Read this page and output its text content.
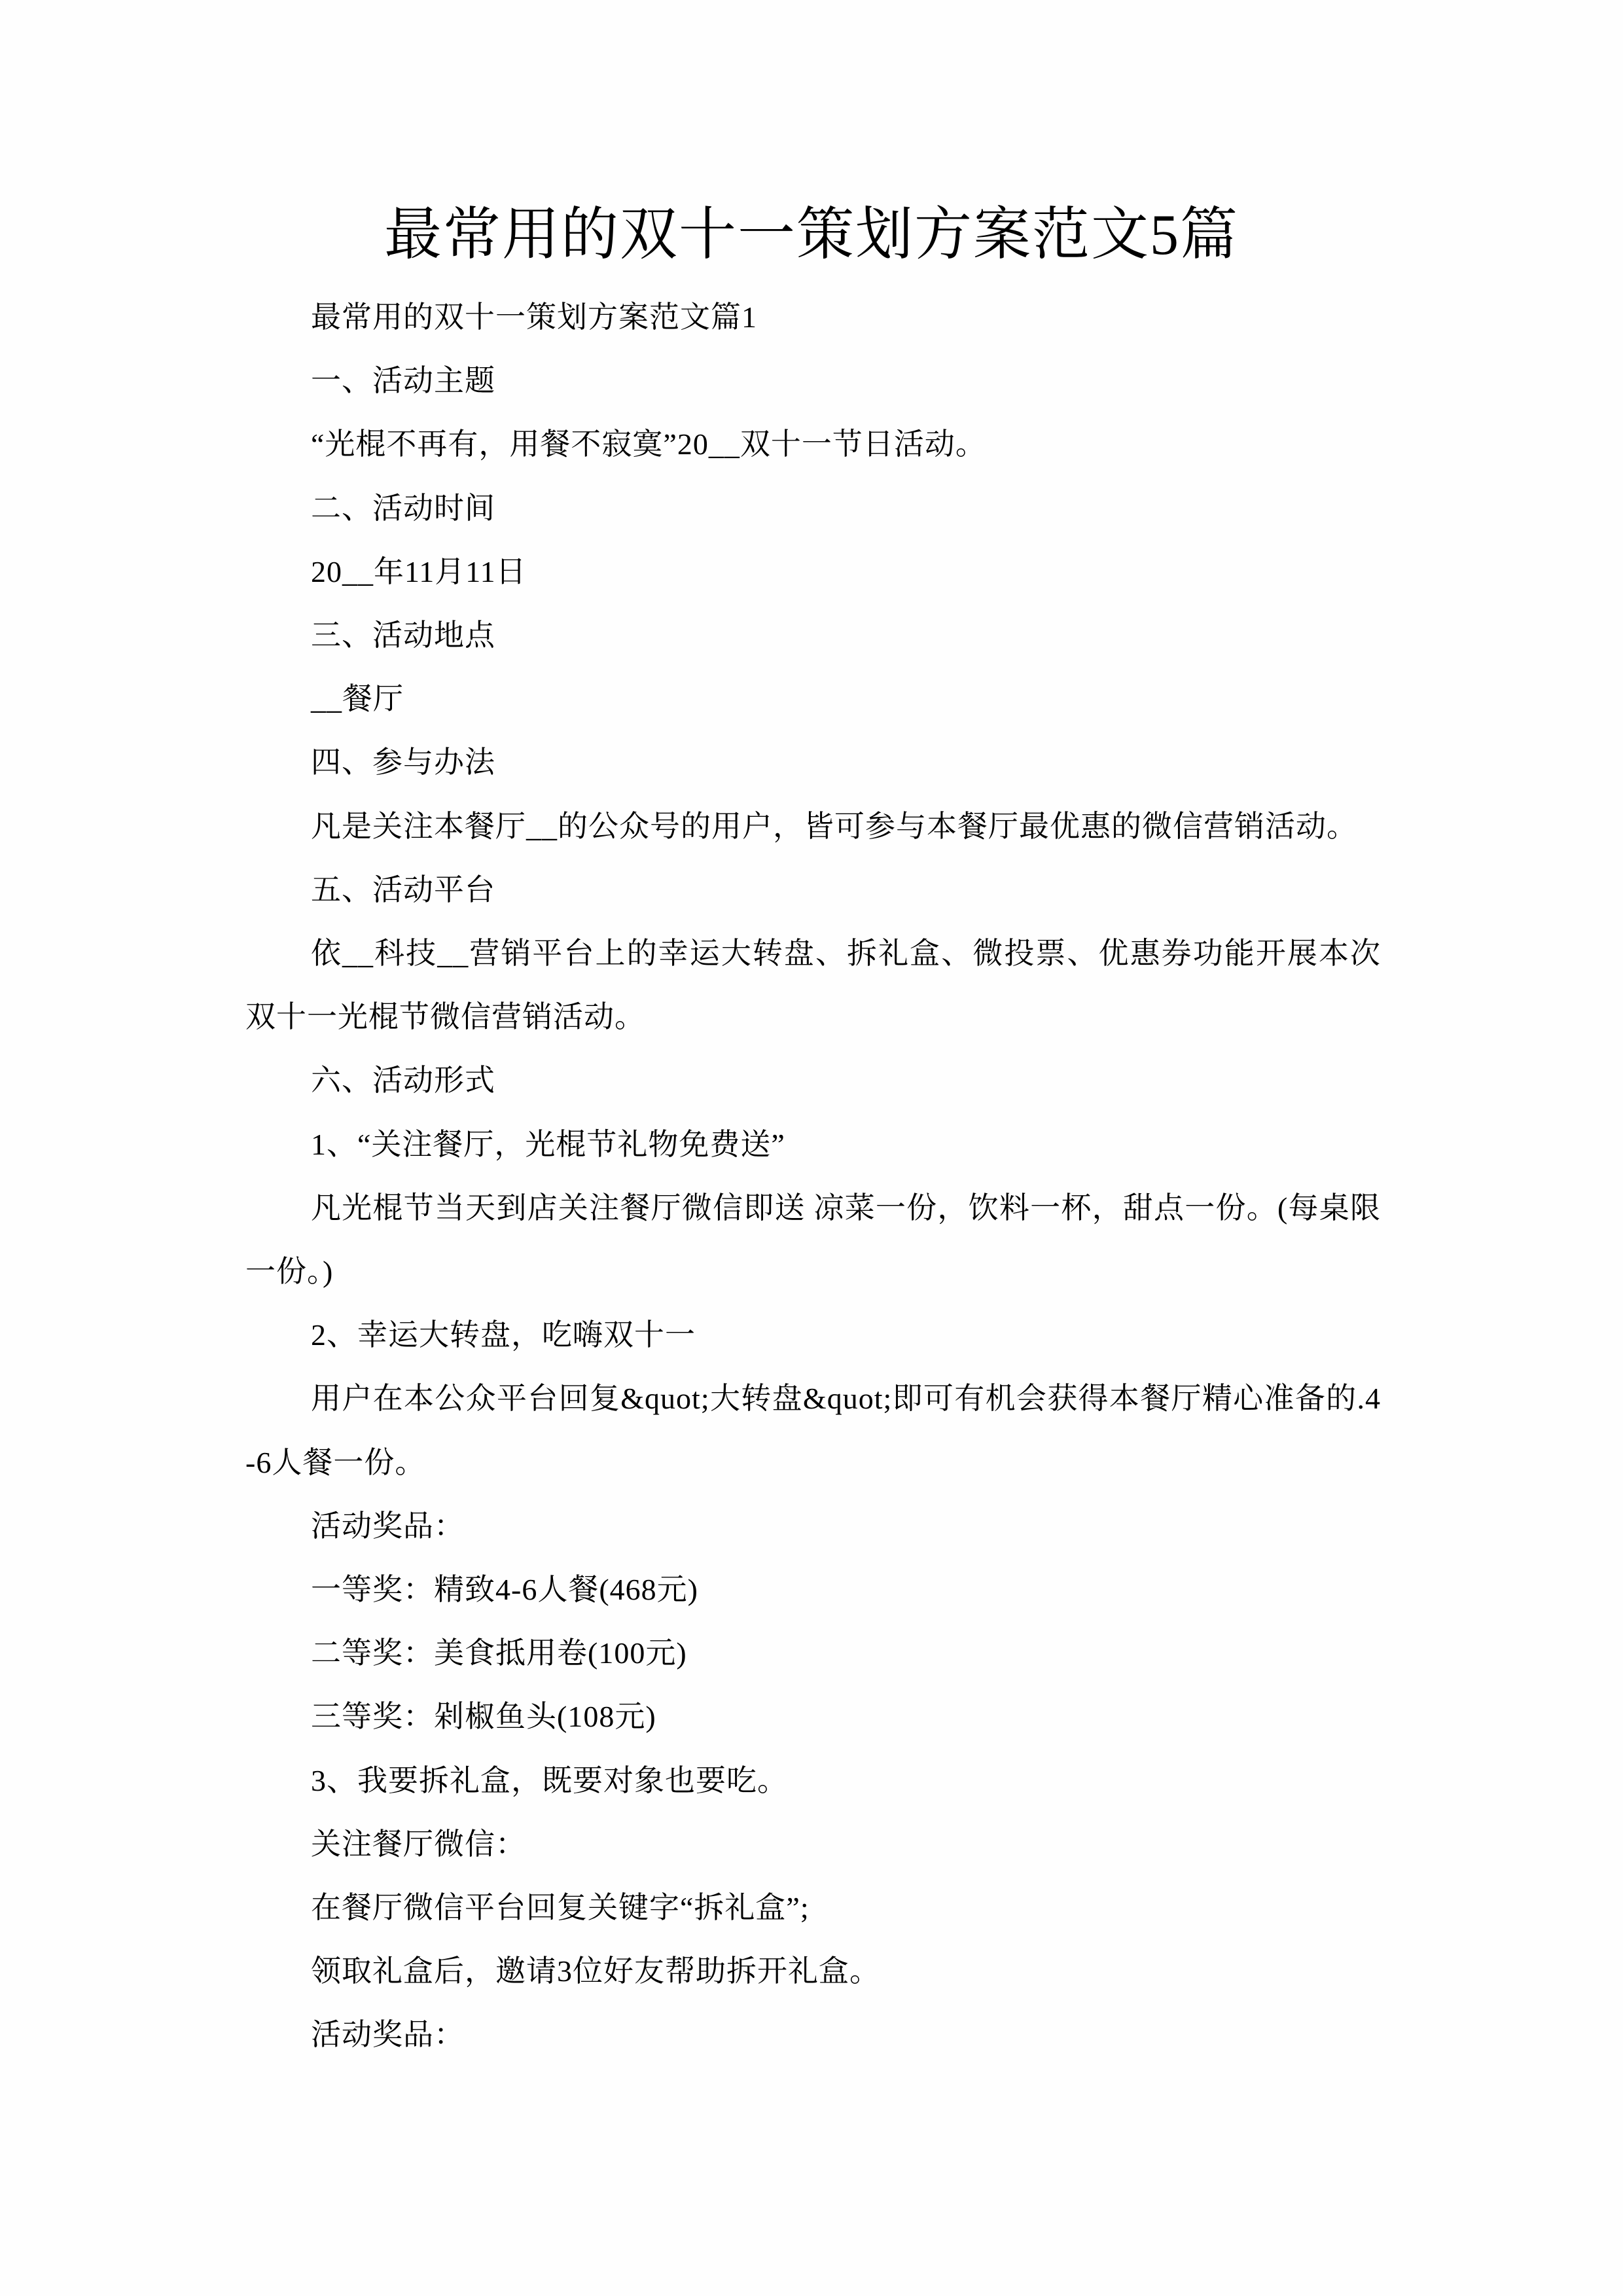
最常用的双十一策划方案范文5篇

最常用的双十一策划方案范文篇1

一、活动主题

“光棍不再有，用餐不寂寞”20__双十一节日活动。

二、活动时间

20__年11月11日

三、活动地点

__餐厅

四、参与办法

凡是关注本餐厅__的公众号的用户，皆可参与本餐厅最优惠的微信营销活动。

五、活动平台

依__科技__营销平台上的幸运大转盘、拆礼盒、微投票、优惠券功能开展本次双十一光棍节微信营销活动。

六、活动形式

1、“关注餐厅，光棍节礼物免费送”

凡光棍节当天到店关注餐厅微信即送 凉菜一份，饮料一杯，甜点一份。(每桌限一份。)

2、幸运大转盘，吃嗨双十一

用户在本公众平台回复&quot;大转盘&quot;即可有机会获得本餐厅精心准备的.4-6人餐一份。

活动奖品：

一等奖：精致4-6人餐(468元)

二等奖：美食抵用卷(100元)

三等奖：剁椒鱼头(108元)

3、我要拆礼盒，既要对象也要吃。

关注餐厅微信：

在餐厅微信平台回复关键字“拆礼盒”;

领取礼盒后，邀请3位好友帮助拆开礼盒。

活动奖品：
